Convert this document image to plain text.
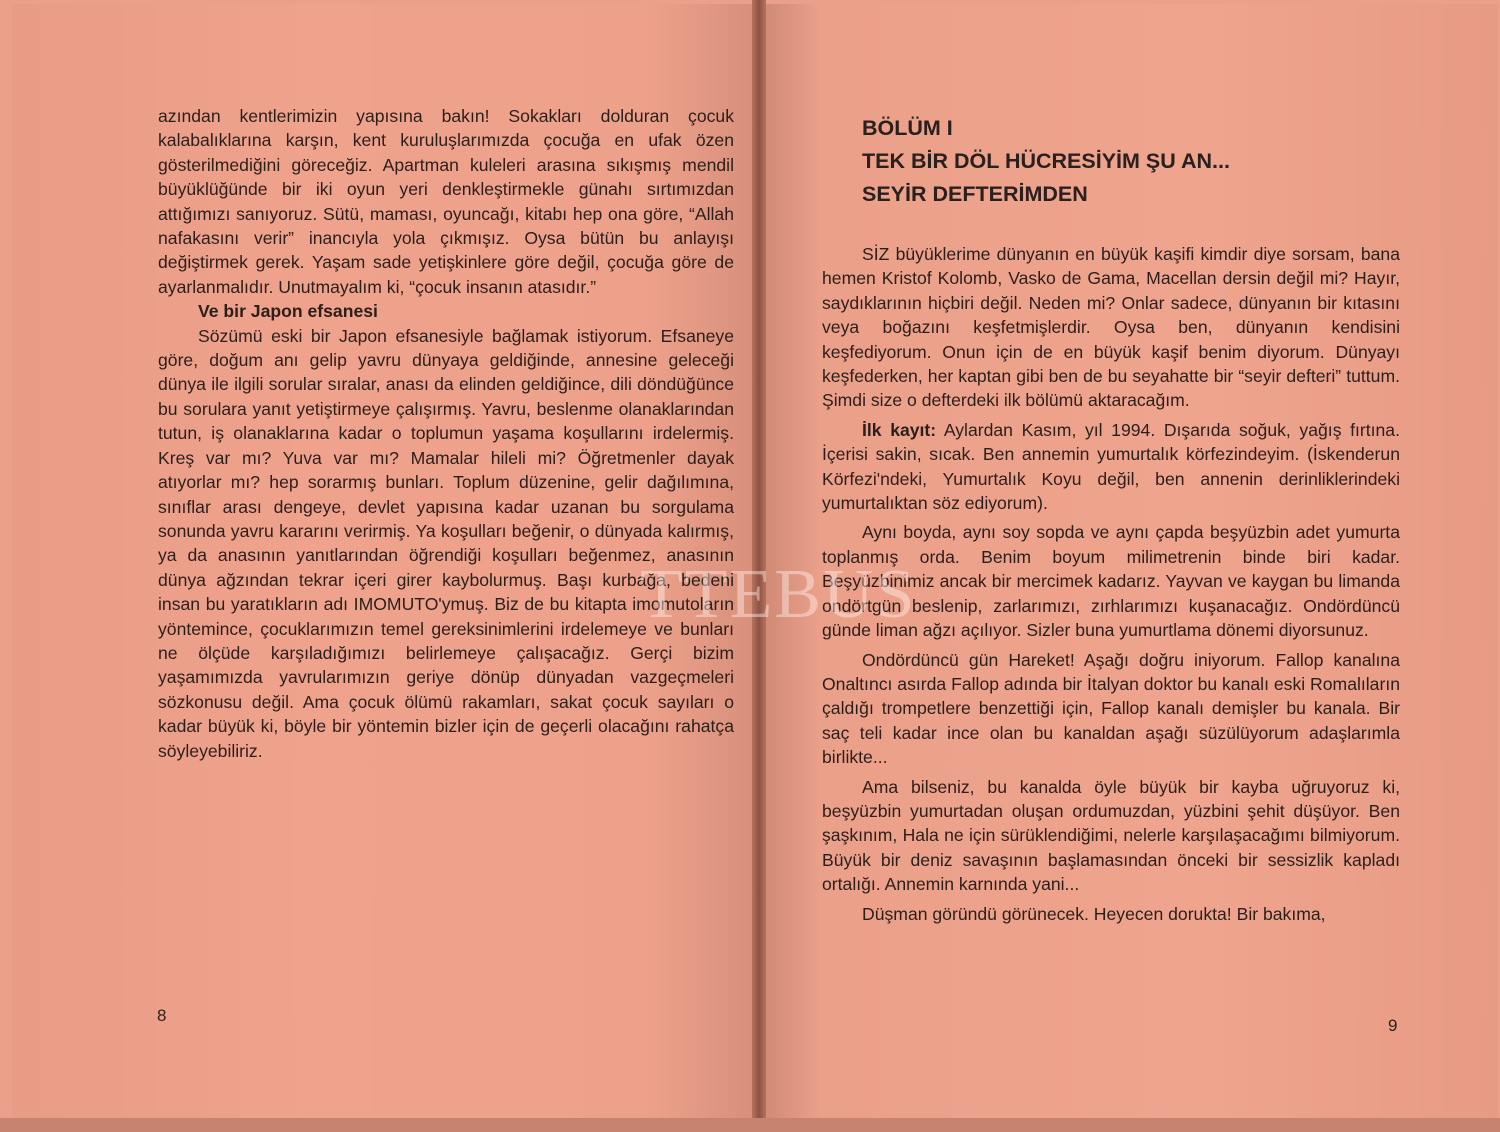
azından kentlerimizin yapısına bakın! Sokakları dolduran çocuk kalabalıklarına karşın, kent kuruluşlarımızda çocuğa en ufak özen gösterilmediğini göreceğiz. Apartman kuleleri arasına sıkışmış mendil büyüklüğünde bir iki oyun yeri denkleştirmekle günahı sırtımızdan attığımızı sanıyoruz. Sütü, maması, oyuncağı, kitabı hep ona göre, “Allah nafakasını verir” inancıyla yola çıkmışız. Oysa bütün bu anlayışı değiştirmek gerek. Yaşam sade yetişkinlere göre değil, çocuğa göre de ayarlanmalıdır. Unutmayalım ki, “çocuk insanın atasıdır.”

Ve bir Japon efsanesi

Sözümü eski bir Japon efsanesiyle bağlamak istiyorum. Efsaneye göre, doğum anı gelip yavru dünyaya geldiğinde, annesine geleceği dünya ile ilgili sorular sıralar, anası da elinden geldiğince, dili döndüğünce bu sorulara yanıt yetiştirmeye çalışırmış. Yavru, beslenme olanaklarından tutun, iş olanaklarına kadar o toplumun yaşama koşullarını irdelermiş. Kreş var mı? Yuva var mı? Mamalar hileli mi? Öğretmenler dayak atıyorlar mı? hep sorarmış bunları. Toplum düzenine, gelir dağılımına, sınıflar arası dengeye, devlet yapısına kadar uzanan bu sorgulama sonunda yavru kararını verirmiş. Ya koşulları beğenir, o dünyada kalırmış, ya da anasının yanıtlarından öğrendiği koşulları beğenmez, anasının dünya ağzından tekrar içeri girer kaybolurmuş. Başı kurbağa, bedeni insan bu yaratıkların adı IMOMUTO'ymuş. Biz de bu kitapta imomutoların yöntemince, çocuklarımızın temel gereksinimlerini irdelemeye ve bunları ne ölçüde karşıladığımızı belirlemeye çalışacağız. Gerçi bizim yaşamımızda yavrularımızın geriye dönüp dünyadan vazgeçmeleri sözkonusu değil. Ama çocuk ölümü rakamları, sakat çocuk sayıları o kadar büyük ki, böyle bir yöntemin bizler için de geçerli olacağını rahatça söyleyebiliriz.

8
BÖLÜM I
TEK BİR DÖL HÜCRESİYİM ŞU AN...
SEYİR DEFTERİMDEN

SİZ büyüklerime dünyanın en büyük kaşifi kimdir diye sorsam, bana hemen Kristof Kolomb, Vasko de Gama, Macellan dersin değil mi? Hayır, saydıklarının hiçbiri değil. Neden mi? Onlar sadece, dünyanın bir kıtasını veya boğazını keşfetmişlerdir. Oysa ben, dünyanın kendisini keşfediyorum. Onun için de en büyük kaşif benim diyorum. Dünyayı keşfederken, her kaptan gibi ben de bu seyahatte bir “seyir defteri” tuttum. Şimdi size o defterdeki ilk bölümü aktaracağım.

İlk kayıt: Aylardan Kasım, yıl 1994. Dışarıda soğuk, yağış fırtına. İçerisi sakin, sıcak. Ben annemin yumurtalık körfezindeyim. (İskenderun Körfezi'ndeki, Yumurtalık Koyu değil, ben annenin derinliklerindeki yumurtalıktan söz ediyorum).

Aynı boyda, aynı soy sopda ve aynı çapda beşyüzbin adet yumurta toplanmış orda. Benim boyum milimetrenin binde biri kadar. Beşyüzbinimiz ancak bir mercimek kadarız. Yayvan ve kaygan bu limanda ondörtgün beslenip, zarlarımızı, zırhlarımızı kuşanacağız. Ondördüncü günde liman ağzı açılıyor. Sizler buna yumurtlama dönemi diyorsunuz.

Ondördüncü gün Hareket! Aşağı doğru iniyorum. Fallop kanalına Onaltıncı asırda Fallop adında bir İtalyan doktor bu kanalı eski Romalıların çaldığı trompetlere benzettiği için, Fallop kanalı demişler bu kanala. Bir saç teli kadar ince olan bu kanaldan aşağı süzülüyorum adaşlarımla birlikte...

Ama bilseniz, bu kanalda öyle büyük bir kayba uğruyoruz ki, beşyüzbin yumurtadan oluşan ordumuzdan, yüzbini şehit düşüyor. Ben şaşkınım, Hala ne için sürüklendiğimi, nelerle karşılaşacağımı bilmiyorum. Büyük bir deniz savaşının başlamasından önceki bir sessizlik kapladı ortalığı. Annemin karnında yani...

Düşman göründü görünecek. Heyecen dorukta! Bir bakıma,

9
TTEBUS
